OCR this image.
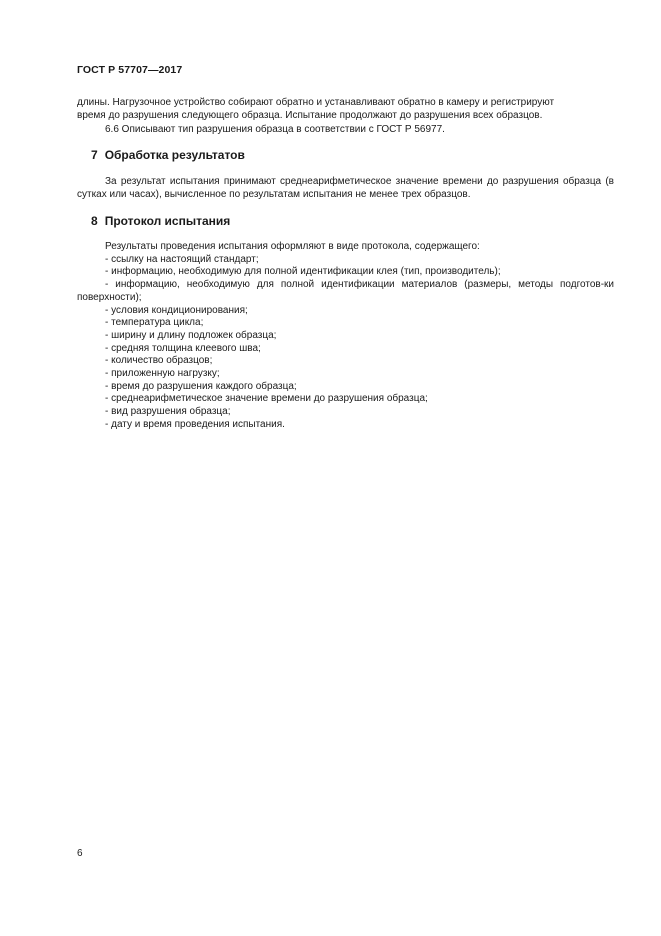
ГОСТ Р 57707—2017

длины. Нагрузочное устройство собирают обратно и устанавливают обратно в камеру и регистрируют

время до разрушения следующего образца. Испытание продолжают до разрушения всех образцов.

6.6 Описывают тип разрушения образца в соответствии с ГОСТ Р 56977.

7 Обработка результатов

За результат испытания принимают среднеарифметическое значение времени до разрушения образца (в сутках или часах), вычисленное по результатам испытания не менее трех образцов.

8 Протокол испытания

Результаты проведения испытания оформляют в виде протокола, содержащего:

- ссылку на настоящий стандарт;

- информацию, необходимую для полной идентификации клея (тип, производитель);

- информацию, необходимую для полной идентификации материалов (размеры, методы подготов-ки поверхности);

- условия кондиционирования;

- температура цикла;

- ширину и длину подложек образца;

- средняя толщина клеевого шва;

- количество образцов;

- приложенную нагрузку;

- время до разрушения каждого образца;

- среднеарифметическое значение времени до разрушения образца;

- вид разрушения образца;

- дату и время проведения испытания.

6
